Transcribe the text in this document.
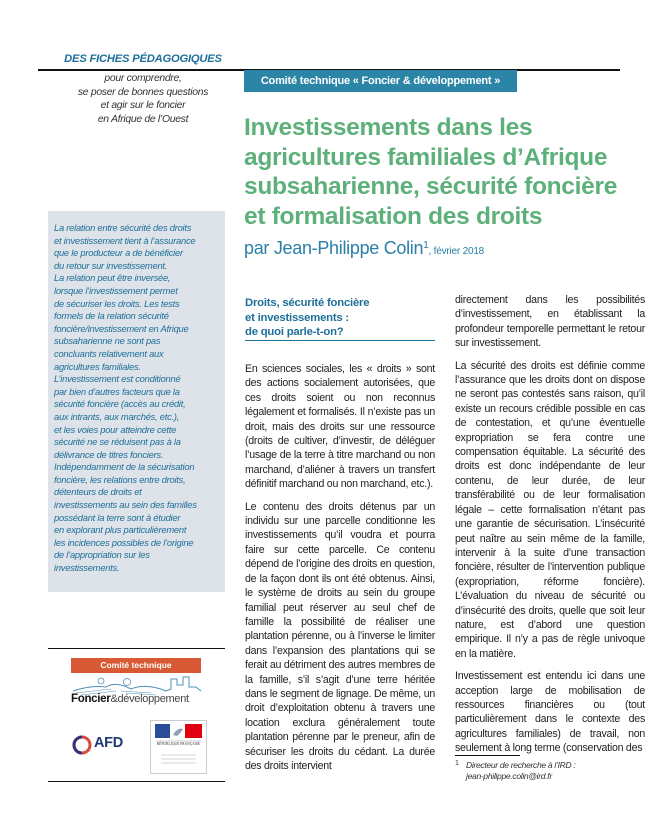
DES FICHES PÉDAGOGIQUES
pour comprendre,
se poser de bonnes questions
et agir sur le foncier
en Afrique de l’Ouest
Comité technique « Foncier & développement »
Investissements dans les
agricultures familiales d’Afrique
subsaharienne, sécurité foncière
et formalisation des droits
par Jean-Philippe Colin$^1$, février 2018
La relation entre sécurité des droits
et investissement tient à l’assurance
que le producteur a de bénéficier
du retour sur investissement.
La relation peut être inversée,
lorsque l’investissement permet
de sécuriser les droits. Les tests
formels de la relation sécurité
foncière/investissement en Afrique
subsaharienne ne sont pas
concluants relativement aux
agricultures familiales.
L’investissement est conditionné
par bien d’autres facteurs que la
sécurité foncière (accès au crédit,
aux intrants, aux marchés, etc.),
et les voies pour atteindre cette
sécurité ne se réduisent pas à la
délivrance de titres fonciers.
Indépendamment de la sécurisation
foncière, les relations entre droits,
détenteurs de droits et
investissements au sein des familles
possédant la terre sont à étudier
en explorant plus particulièrement
les incidences possibles de l’origine
de l’appropriation sur les
investissements.
Comité technique
Foncier&développement
AFD	RÉPUBLIQUE FRANÇAISE
Droits, sécurité foncière
et investissements :
de quoi parle-t-on?

En sciences sociales, les « droits » sont des actions socialement autorisées, que ces droits soient ou non reconnus légalement et formalisés. Il n’existe pas un droit, mais des droits sur une ressource (droits de cultiver, d’investir, de déléguer l’usage de la terre à titre marchand ou non marchand, d’aliéner à travers un transfert définitif marchand ou non marchand, etc.).

Le contenu des droits détenus par un individu sur une parcelle conditionne les investissements qu’il voudra et pourra faire sur cette parcelle. Ce contenu dépend de l’origine des droits en question, de la façon dont ils ont été obtenus. Ainsi, le système de droits au sein du groupe familial peut réserver au seul chef de famille la possibilité de réaliser une plantation pérenne, ou à l’inverse le limiter dans l’expansion des plantations qui se ferait au détriment des autres membres de la famille, s’il s’agit d’une terre héritée dans le segment de lignage. De même, un droit d’exploitation obtenu à travers une location exclura généralement toute plantation pérenne par le preneur, afin de sécuriser les droits du cédant. La durée des droits intervient

directement dans les possibilités d’investissement, en établissant la profondeur temporelle permettant le retour sur investissement.

La sécurité des droits est définie comme l’assurance que les droits dont on dispose ne seront pas contestés sans raison, qu’il existe un recours crédible possible en cas de contestation, et qu’une éventuelle expropriation se fera contre une compensation équitable. La sécurité des droits est donc indépendante de leur contenu, de leur durée, de leur transférabilité ou de leur formalisation légale – cette formalisation n’étant pas une garantie de sécurisation. L’insécurité peut naître au sein même de la famille, intervenir à la suite d’une transaction foncière, résulter de l’intervention publique (expropriation, réforme foncière). L’évaluation du niveau de sécurité ou d’insécurité des droits, quelle que soit leur nature, est d’abord une question empirique. Il n’y a pas de règle univoque en la matière.

Investissement est entendu ici dans une acception large de mobilisation de ressources financières ou (tout particulièrement dans le contexte des agricultures familiales) de travail, non seulement à long terme (conservation des

1 Directeur de recherche à l’IRD :
jean-philippe.colin@ird.fr
